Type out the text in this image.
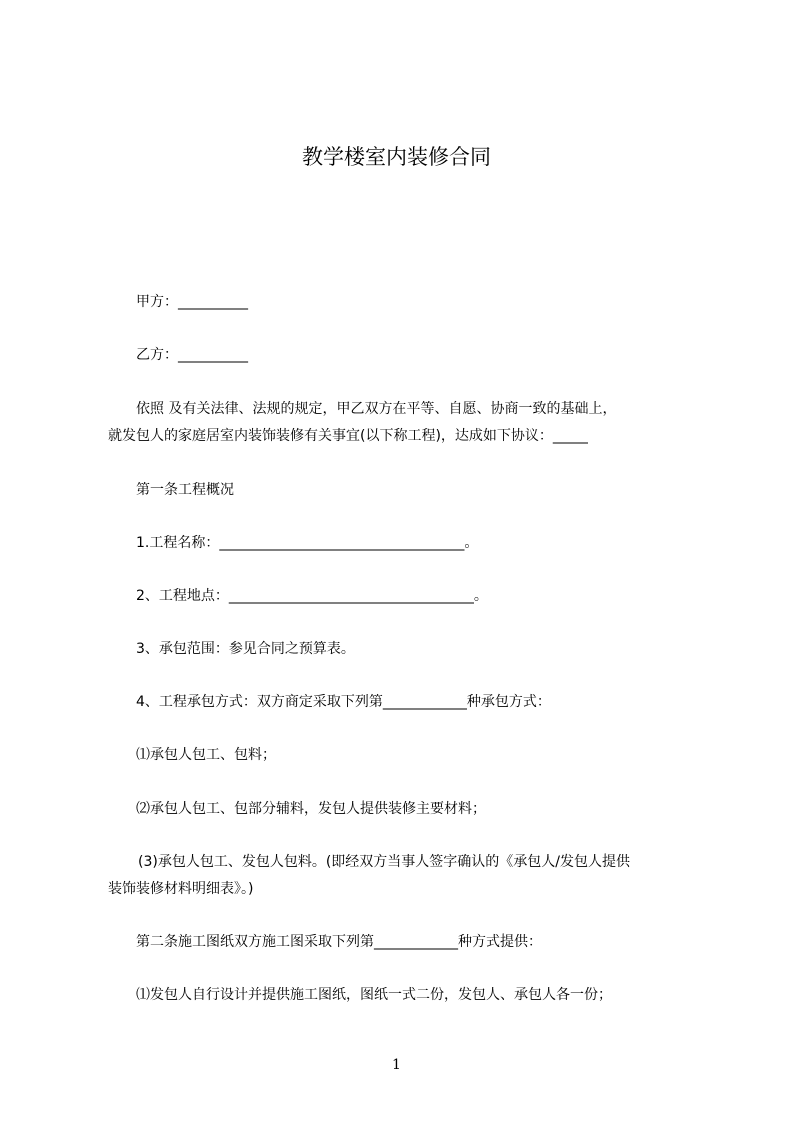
教学楼室内装修合同
甲方：__________
乙方：__________
依照 及有关法律、法规的规定，甲乙双方在平等、自愿、协商一致的基础上，
就发包人的家庭居室内装饰装修有关事宜(以下称工程)，达成如下协议：_____
第一条工程概况
1.工程名称：___________________________________。
2、工程地点：___________________________________。
3、承包范围：参见合同之预算表。
4、工程承包方式：双方商定采取下列第____________种承包方式：
⑴承包人包工、包料；
⑵承包人包工、包部分辅料，发包人提供装修主要材料；
(3)承包人包工、发包人包料。(即经双方当事人签字确认的《承包人/发包人提供
装饰装修材料明细表》。)
第二条施工图纸双方施工图采取下列第____________种方式提供：
⑴发包人自行设计并提供施工图纸，图纸一式二份，发包人、承包人各一份；
1
